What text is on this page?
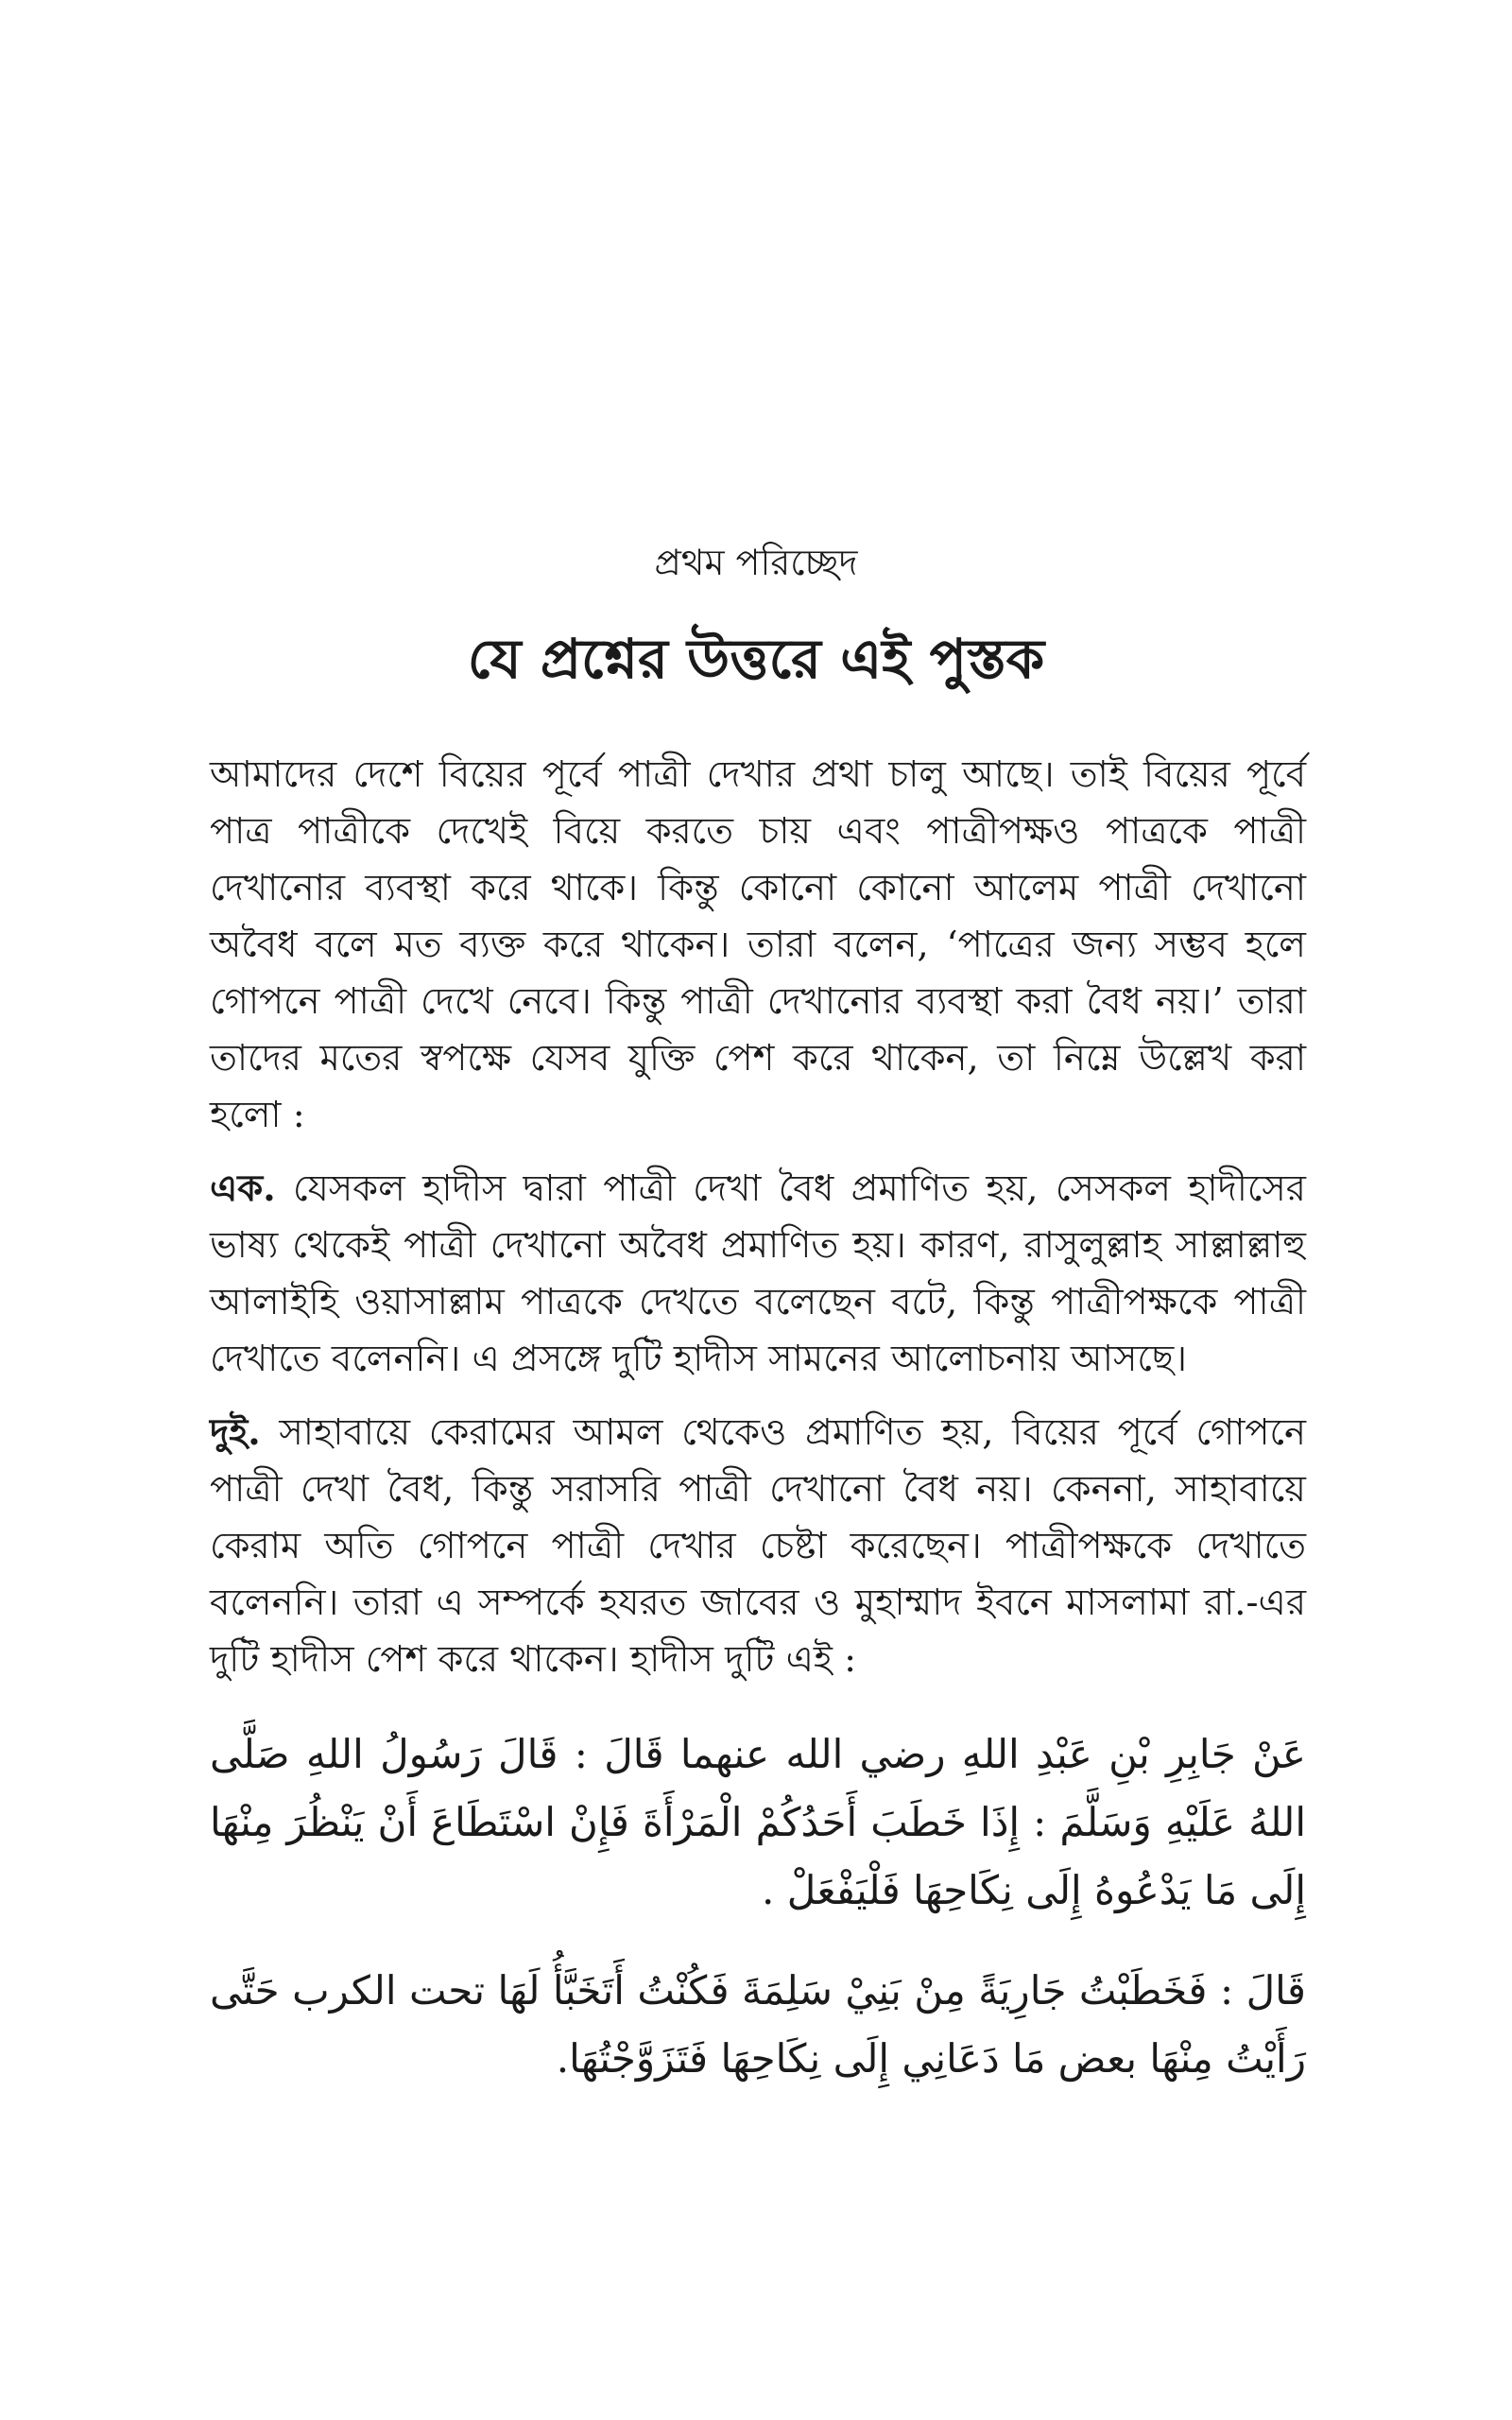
প্রথম পরিচ্ছেদ
যে প্রশ্নের উত্তরে এই পুস্তক

আমাদের দেশে বিয়ের পূর্বে পাত্রী দেখার প্রথা চালু আছে। তাই বিয়ের পূর্বে পাত্র পাত্রীকে দেখেই বিয়ে করতে চায় এবং পাত্রীপক্ষও পাত্রকে পাত্রী দেখানোর ব্যবস্থা করে থাকে। কিন্তু কোনো কোনো আলেম পাত্রী দেখানো অবৈধ বলে মত ব্যক্ত করে থাকেন। তারা বলেন, ‘পাত্রের জন্য সম্ভব হলে গোপনে পাত্রী দেখে নেবে। কিন্তু পাত্রী দেখানোর ব্যবস্থা করা বৈধ নয়।’ তারা তাদের মতের স্বপক্ষে যেসব যুক্তি পেশ করে থাকেন, তা নিম্নে উল্লেখ করা হলো :

এক. যেসকল হাদীস দ্বারা পাত্রী দেখা বৈধ প্রমাণিত হয়, সেসকল হাদীসের ভাষ্য থেকেই পাত্রী দেখানো অবৈধ প্রমাণিত হয়। কারণ, রাসুলুল্লাহ সাল্লাল্লাহু আলাইহি ওয়াসাল্লাম পাত্রকে দেখতে বলেছেন বটে, কিন্তু পাত্রীপক্ষকে পাত্রী দেখাতে বলেননি। এ প্রসঙ্গে দুটি হাদীস সামনের আলোচনায় আসছে।

দুই. সাহাবায়ে কেরামের আমল থেকেও প্রমাণিত হয়, বিয়ের পূর্বে গোপনে পাত্রী দেখা বৈধ, কিন্তু সরাসরি পাত্রী দেখানো বৈধ নয়। কেননা, সাহাবায়ে কেরাম অতি গোপনে পাত্রী দেখার চেষ্টা করেছেন। পাত্রীপক্ষকে দেখাতে বলেননি। তারা এ সম্পর্কে হযরত জাবের ও মুহাম্মাদ ইবনে মাসলামা রা.-এর দুটি হাদীস পেশ করে থাকেন। হাদীস দুটি এই :

عَنْ جَابِرِ بْنِ عَبْدِ اللهِ رضي الله عنهما قَالَ : قَالَ رَسُولُ اللهِ صَلَّى اللهُ عَلَيْهِ وَسَلَّمَ : إِذَا خَطَبَ أَحَدُكُمْ الْمَرْأَةَ فَإِنْ اسْتَطَاعَ أَنْ يَنْظُرَ مِنْهَا إِلَى مَا يَدْعُوهُ إِلَى نِكَاحِهَا فَلْيَفْعَلْ .

قَالَ : فَخَطَبْتُ جَارِيَةً مِنْ بَنِيْ سَلِمَةَ فَكُنْتُ أَتَخَبَّأُ لَهَا تحت الكرب حَتَّى رَأَيْتُ مِنْهَا بعض مَا دَعَانِي إِلَى نِكَاحِهَا فَتَزَوَّجْتُهَا.
